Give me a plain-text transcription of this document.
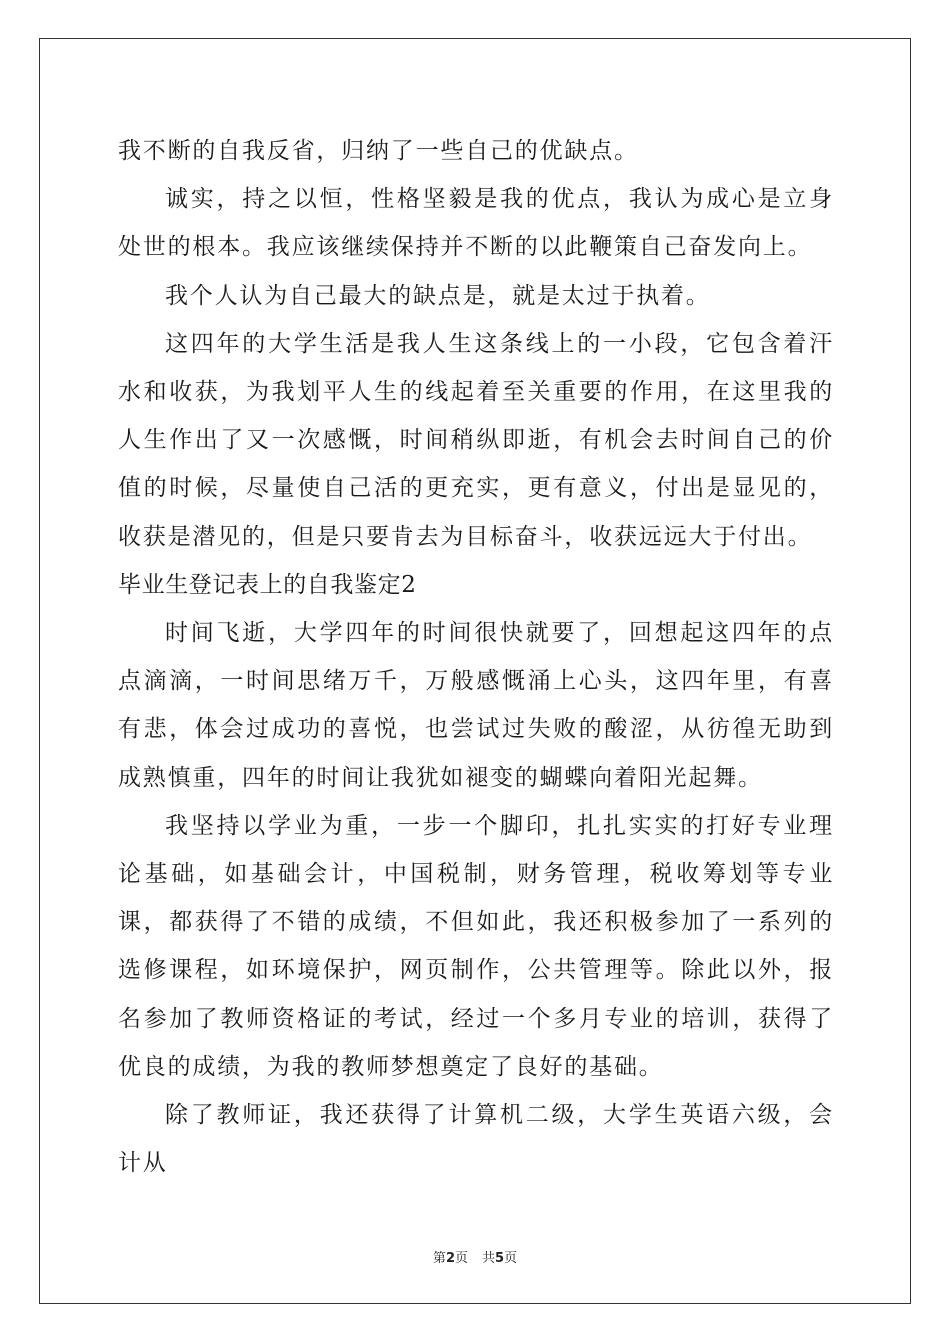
我不断的自我反省，归纳了一些自己的优缺点。

诚实，持之以恒，性格坚毅是我的优点，我认为成心是立身处世的根本。我应该继续保持并不断的以此鞭策自己奋发向上。

我个人认为自己最大的缺点是，就是太过于执着。

这四年的大学生活是我人生这条线上的一小段，它包含着汗水和收获，为我划平人生的线起着至关重要的作用，在这里我的人生作出了又一次感慨，时间稍纵即逝，有机会去时间自己的价值的时候，尽量使自己活的更充实，更有意义，付出是显见的，收获是潜见的，但是只要肯去为目标奋斗，收获远远大于付出。

毕业生登记表上的自我鉴定2

时间飞逝，大学四年的时间很快就要了，回想起这四年的点点滴滴，一时间思绪万千，万般感慨涌上心头，这四年里，有喜有悲，体会过成功的喜悦，也尝试过失败的酸涩，从彷徨无助到成熟慎重，四年的时间让我犹如褪变的蝴蝶向着阳光起舞。

我坚持以学业为重，一步一个脚印，扎扎实实的打好专业理论基础，如基础会计，中国税制，财务管理，税收筹划等专业课，都获得了不错的成绩，不但如此，我还积极参加了一系列的选修课程，如环境保护，网页制作，公共管理等。除此以外，报名参加了教师资格证的考试，经过一个多月专业的培训，获得了优良的成绩，为我的教师梦想奠定了良好的基础。

除了教师证，我还获得了计算机二级，大学生英语六级，会计从

第2页 共5页
